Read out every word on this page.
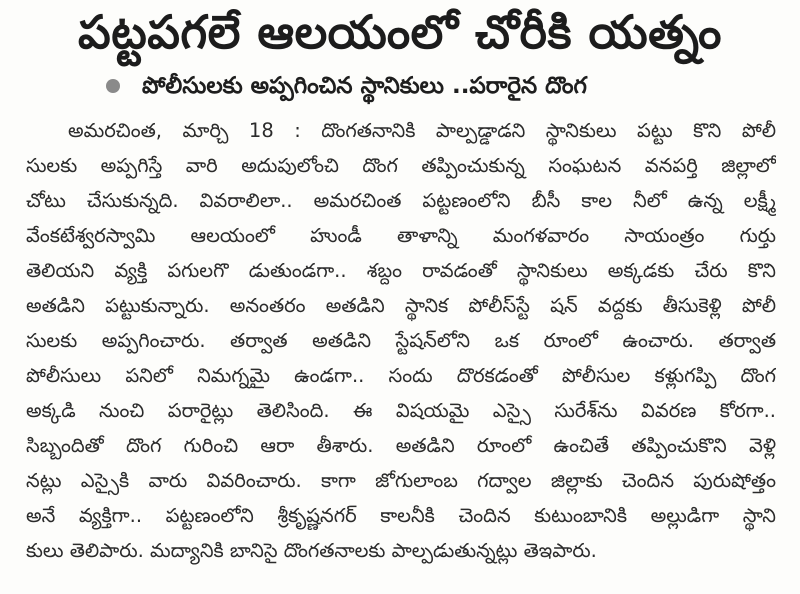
పట్టపగలే ఆలయంలో చోరీకి యత్నం
పోలీసులకు అప్పగించిన స్థానికులు ..పరారైన దొంగ
అమరచింత, మార్చి 18 : దొంగతనానికి పాల్పడ్డాడని స్థానికులు పట్టు కొని పోలీ
సులకు అప్పగిస్తే వారి అదుపులోంచి దొంగ తప్పించుకున్న సంఘటన వనపర్తి జిల్లాలో
చోటు చేసుకున్నది. వివరాలిలా.. అమరచింత పట్టణంలోని బీసీ కాల నీలో ఉన్న లక్ష్మీ
వేంకటేశ్వరస్వామి ఆలయంలో హుండీ తాళాన్ని మంగళవారం సాయంత్రం గుర్తు
తెలియని వ్యక్తి పగులగొ డుతుండగా.. శబ్దం రావడంతో స్థానికులు అక్కడకు చేరు కొని
అతడిని పట్టుకున్నారు. అనంతరం అతడిని స్థానిక పోలీస్‌స్టే షన్ వద్దకు తీసుకెళ్లి పోలీ
సులకు అప్పగించారు. తర్వాత అతడిని స్టేషన్‌లోని ఒక రూంలో ఉంచారు. తర్వాత
పోలీసులు పనిలో నిమగ్నమై ఉండగా.. సందు దొరకడంతో పోలీసుల కళ్లుగప్పి దొంగ
అక్కడి నుంచి పరారైట్లు తెలిసింది. ఈ విషయమై ఎస్సై సురేశ్‌ను వివరణ కోరగా..
సిబ్బందితో దొంగ గురించి ఆరా తీశారు. అతడిని రూంలో ఉంచితే తప్పించుకొని వెళ్లి
నట్లు ఎస్సైకి వారు వివరించారు. కాగా జోగులాంబ గద్వాల జిల్లాకు చెందిన పురుషోత్తం
అనే వ్యక్తిగా.. పట్టణంలోని శ్రీకృష్ణనగర్ కాలనీకి చెందిన కుటుంబానికి అల్లుడిగా స్థాని
కులు తెలిపారు. మద్యానికి బానిసై దొంగతనాలకు పాల్పడుతున్నట్లు తెఇపారు.
